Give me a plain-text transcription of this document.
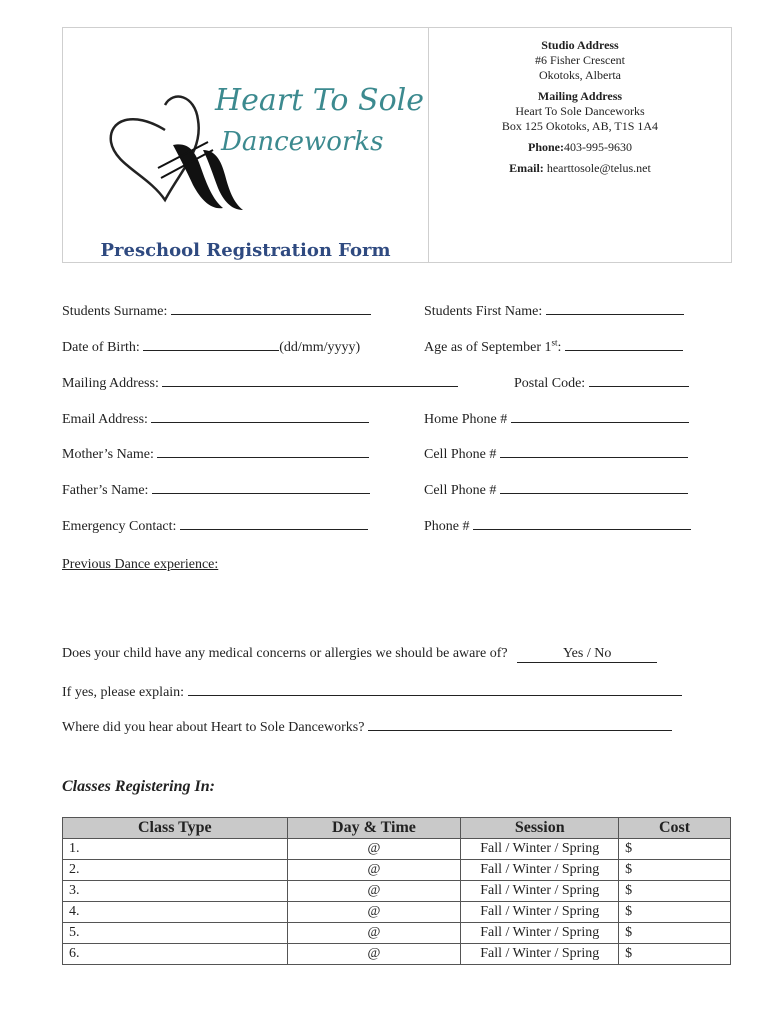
Heart To Sole
Danceworks
Preschool Registration Form
Studio Address
#6 Fisher Crescent
Okotoks, Alberta
Mailing Address
Heart To Sole Danceworks
Box 125 Okotoks, AB, T1S 1A4
Phone:403-995-9630
Email: hearttosole@telus.net
Students Surname:	Students First Name:
Date of Birth:	(dd/mm/yyyy)	Age as of September 1st:
Mailing Address:	Postal Code:
Email Address:	Home Phone #
Mother’s Name:	Cell Phone #
Father’s Name:	Cell Phone #
Emergency Contact:	Phone #
Previous Dance experience:
Does your child have any medical concerns or allergies we should be aware of?	Yes / No
If yes, please explain:
Where did you hear about Heart to Sole Danceworks?
Classes Registering In:
Class Type	Day & Time	Session	Cost
1.	@	Fall / Winter / Spring	$
2.	@	Fall / Winter / Spring	$
3.	@	Fall / Winter / Spring	$
4.	@	Fall / Winter / Spring	$
5.	@	Fall / Winter / Spring	$
6.	@	Fall / Winter / Spring	$
